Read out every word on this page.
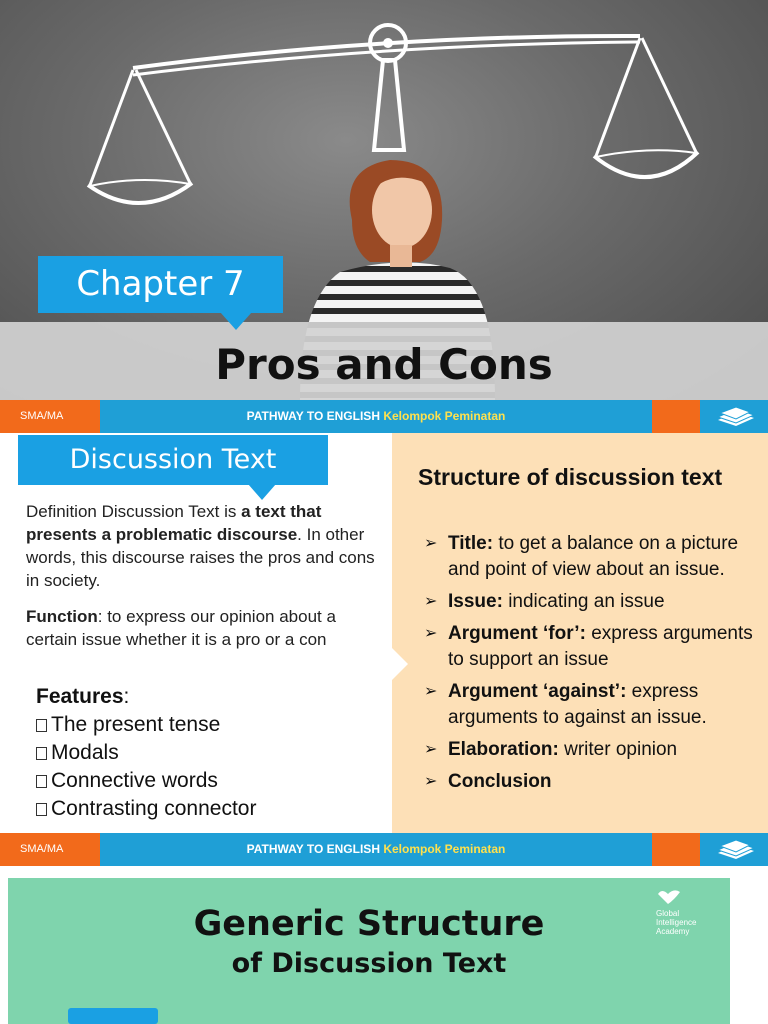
Chapter 7
Pros and Cons
SMA/MA	PATHWAY TO ENGLISH Kelompok Peminatan
Discussion Text
Definition Discussion Text is a text that presents a problematic discourse. In other words, this discourse raises the pros and cons in society.
Function: to express our opinion about a certain issue whether it is a pro or a con
Features:
The present tense
Modals
Connective words
Contrasting connector
Structure of discussion text
➢ Title: to get a balance on a picture and point of view about an issue.
➢ Issue: indicating an issue
➢ Argument ‘for’: express arguments to support an issue
➢ Argument ‘against’: express arguments to against an issue.
➢ Elaboration: writer opinion
➢ Conclusion
SMA/MA	PATHWAY TO ENGLISH Kelompok Peminatan
Generic Structure
of Discussion Text
Global
Intelligence
Academy
